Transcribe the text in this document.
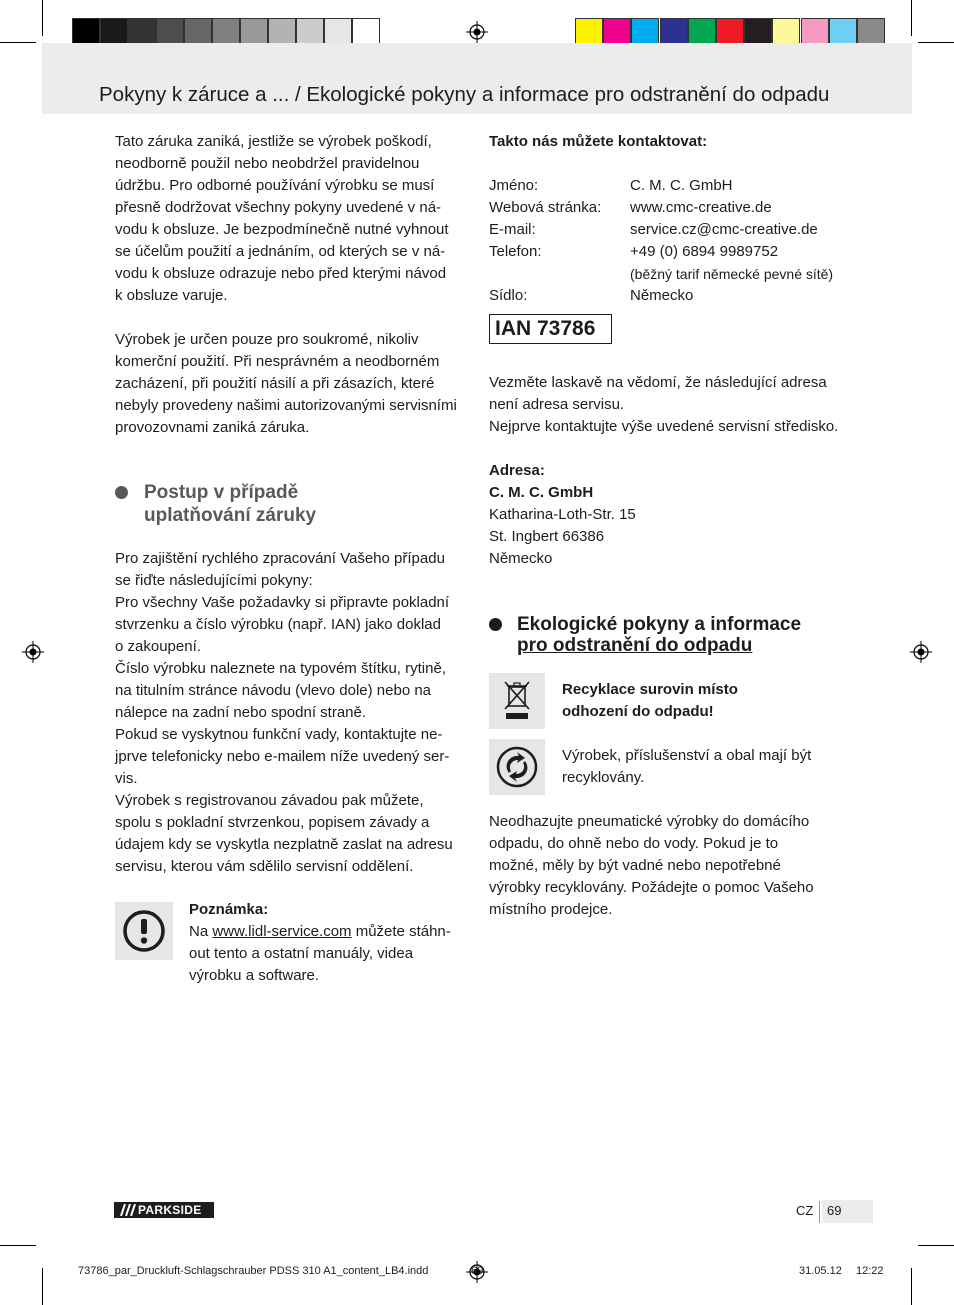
Pokyny k záruce a ... / Ekologické pokyny a informace pro odstranění do odpadu
Tato záruka zaniká, jestliže se výrobek poškodí,
neodborně použil nebo neobdržel pravidelnou
údržbu. Pro odborné používání výrobku se musí
přesně dodržovat všechny pokyny uvedené v ná-
vodu k obsluze. Je bezpodmínečně nutné vyhnout
se účelům použití a jednáním, od kterých se v ná-
vodu k obsluze odrazuje nebo před kterými návod
k obsluze varuje.
Výrobek je určen pouze pro soukromé, nikoliv
komerční použití. Při nesprávném a neodborném
zacházení, při použití násilí a při zásazích, které
nebyly provedeny našimi autorizovanými servisními
provozovnami zaniká záruka.
Postup v případě
uplatňování záruky
Pro zajištění rychlého zpracování Vašeho případu
se řiďte následujícími pokyny:
Pro všechny Vaše požadavky si připravte pokladní
stvrzenku a číslo výrobku (např. IAN) jako doklad
o zakoupení.
Číslo výrobku naleznete na typovém štítku, rytině,
na titulním stránce návodu (vlevo dole) nebo na
nálepce na zadní nebo spodní straně.
Pokud se vyskytnou funkční vady, kontaktujte ne-
jprve telefonicky nebo e-mailem níže uvedený ser-
vis.
Výrobek s registrovanou závadou pak můžete,
spolu s pokladní stvrzenkou, popisem závady a
údajem kdy se vyskytla nezplatně zaslat na adresu
servisu, kterou vám sdělilo servisní oddělení.
Poznámka:
Na www.lidl-service.com můžete stáhn-
out tento a ostatní manuály, videa
výrobku a software.
Takto nás můžete kontaktovat:
Jméno:	C. M. C. GmbH
Webová stránka: www.cmc-creative.de
E-mail:	service.cz@cmc-creative.de
Telefon:	+49 (0) 6894 9989752
(běžný tarif německé pevné sítě)
Sídlo:	Německo
IAN 73786
Vezměte laskavě na vědomí, že následující adresa
není adresa servisu.
Nejprve kontaktujte výše uvedené servisní středisko.
Adresa:
C. M. C. GmbH
Katharina-Loth-Str. 15
St. Ingbert 66386
Německo
Ekologické pokyny a informace
pro odstranění do odpadu
Recyklace surovin místo
odhození do odpadu!
Výrobek, příslušenství a obal mají být
recyklovány.
Neodhazujte pneumatické výrobky do domácího
odpadu, do ohně nebo do vody. Pokud je to
možné, měly by být vadné nebo nepotřebné
výrobky recyklovány. Požádejte o pomoc Vašeho
místního prodejce.
PARKSIDE	CZ 69
73786_par_Druckluft-Schlagschrauber PDSS 310 A1_content_LB4.indd	69	31.05.12 12:22
